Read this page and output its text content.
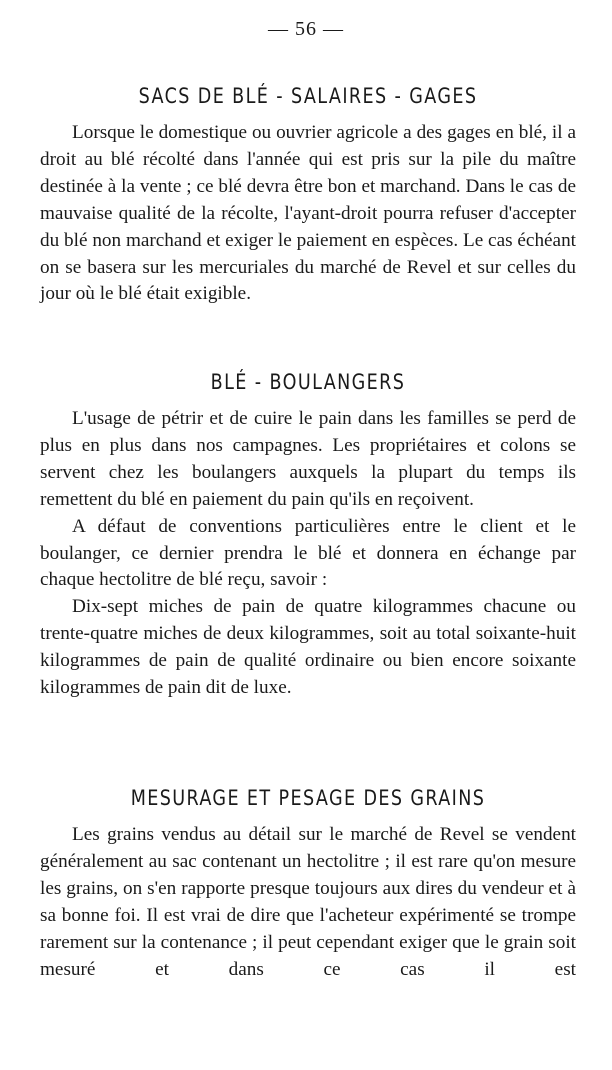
— 56 —
SACS DE BLÉ - SALAIRES - GAGES

Lorsque le domestique ou ouvrier agricole a des gages en blé, il a droit au blé récolté dans l'année qui est pris sur la pile du maître destinée à la vente ; ce blé devra être bon et marchand. Dans le cas de mauvaise qualité de la récolte, l'ayant-droit pourra refuser d'accepter du blé non marchand et exiger le paiement en espèces. Le cas échéant on se basera sur les mercuriales du marché de Revel et sur celles du jour où le blé était exigible.

BLÉ - BOULANGERS

L'usage de pétrir et de cuire le pain dans les familles se perd de plus en plus dans nos campagnes. Les propriétaires et colons se servent chez les boulangers auxquels la plupart du temps ils remettent du blé en paiement du pain qu'ils en reçoivent.

A défaut de conventions particulières entre le client et le boulanger, ce dernier prendra le blé et donnera en échange par chaque hectolitre de blé reçu, savoir :

Dix-sept miches de pain de quatre kilogrammes chacune ou trente-quatre miches de deux kilogrammes, soit au total soixante-huit kilogrammes de pain de qualité ordinaire ou bien encore soixante kilogrammes de pain dit de luxe.

MESURAGE ET PESAGE DES GRAINS

Les grains vendus au détail sur le marché de Revel se vendent généralement au sac contenant un hectolitre ; il est rare qu'on mesure les grains, on s'en rapporte presque toujours aux dires du vendeur et à sa bonne foi. Il est vrai de dire que l'acheteur expérimenté se trompe rarement sur la contenance ; il peut cependant exiger que le grain soit mesuré et dans ce cas il est
